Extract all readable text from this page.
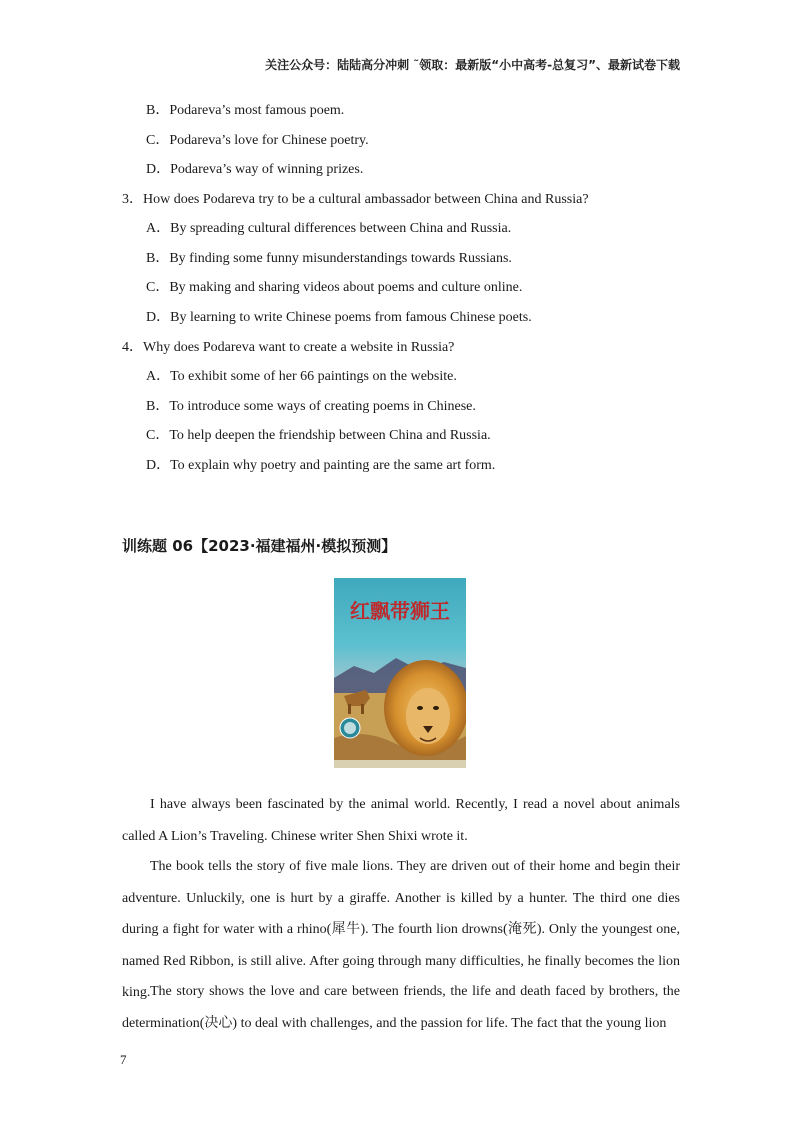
关注公众号：陆陆高分冲刺 ˜领取：最新版“小中高考-总复习”、最新试卷下载
B．Podareva’s most famous poem.
C．Podareva’s love for Chinese poetry.
D．Podareva’s way of winning prizes.
3．How does Podareva try to be a cultural ambassador between China and Russia?
A．By spreading cultural differences between China and Russia.
B．By finding some funny misunderstandings towards Russians.
C．By making and sharing videos about poems and culture online.
D．By learning to write Chinese poems from famous Chinese poets.
4．Why does Podareva want to create a website in Russia?
A．To exhibit some of her 66 paintings on the website.
B．To introduce some ways of creating poems in Chinese.
C．To help deepen the friendship between China and Russia.
D．To explain why poetry and painting are the same art form.
训练题 06【2023·福建福州·模拟预测】
红飘带狮王
I have always been fascinated by the animal world. Recently, I read a novel about animals called A Lion’s Traveling. Chinese writer Shen Shixi wrote it.
The book tells the story of five male lions. They are driven out of their home and begin their adventure. Unluckily, one is hurt by a giraffe. Another is killed by a hunter. The third one dies during a fight for water with a rhino(犀牛). The fourth lion drowns(淹死). Only the youngest one, named Red Ribbon, is still alive. After going through many difficulties, he finally becomes the lion king. The story shows the love and care between friends, the life and death faced by brothers, the determination(决心) to deal with challenges, and the passion for life. The fact that the young lion
7
